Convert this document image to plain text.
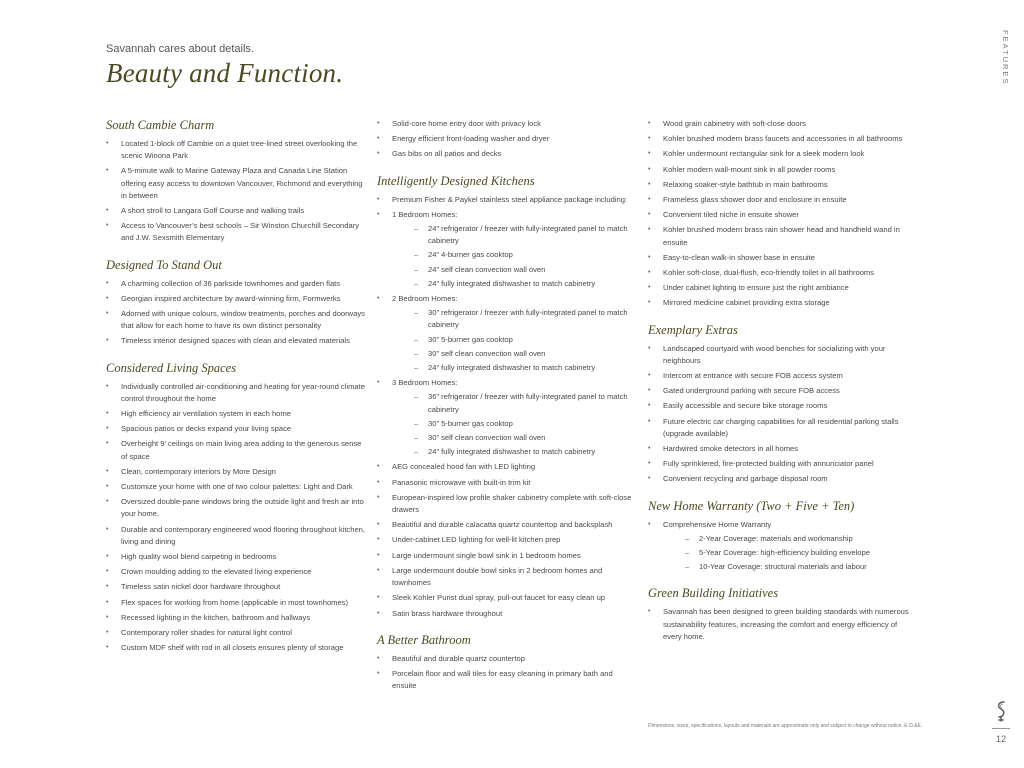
Savannah cares about details.
Beauty and Function.	FEATURES
South Cambie Charm
• Located 1-block off Cambie on a quiet tree-lined street overlooking the scenic Winona Park
• A 5-minute walk to Marine Gateway Plaza and Canada Line Station offering easy access to downtown Vancouver, Richmond and everything in between
• A short stroll to Langara Golf Course and walking trails
• Access to Vancouver’s best schools – Sir Winston Churchill Secondary and J.W. Sexsmith Elementary
Designed To Stand Out
• A charming collection of 36 parkside townhomes and garden flats
• Georgian inspired architecture by award-winning firm, Formwerks
• Adorned with unique colours, window treatments, porches and doorways that allow for each home to have its own distinct personality
• Timeless interior designed spaces with clean and elevated materials
Considered Living Spaces
• Individually controlled air-conditioning and heating for year-round climate control throughout the home
• High efficiency air ventilation system in each home
• Spacious patios or decks expand your living space
• Overheight 9’ ceilings on main living area adding to the generous sense of space
• Clean, contemporary interiors by More Design
• Customize your home with one of two colour palettes: Light and Dark
• Oversized double-pane windows bring the outside light and fresh air into your home.
• Durable and contemporary engineered wood flooring throughout kitchen, living and dining
• High quality wool blend carpeting in bedrooms
• Crown moulding adding to the elevated living experience
• Timeless satin nickel door hardware throughout
• Flex spaces for working from home (applicable in most townhomes)
• Recessed lighting in the kitchen, bathroom and hallways
• Contemporary roller shades for natural light control
• Custom MDF shelf with rod in all closets ensures plenty of storage
• Solid-core home entry door with privacy lock
• Energy efficient front-loading washer and dryer
• Gas bibs on all patios and decks
Intelligently Designed Kitchens
• Premium Fisher & Paykel stainless steel appliance package including:
• 1 Bedroom Homes:
– 24” refrigerator / freezer with fully-integrated panel to match cabinetry
– 24” 4-burner gas cooktop
– 24” self clean convection wall oven
– 24” fully integrated dishwasher to match cabinetry
• 2 Bedroom Homes:
– 30” refrigerator / freezer with fully-integrated panel to match cabinetry
– 30” 5-burner gas cooktop
– 30” self clean convection wall oven
– 24” fully integrated dishwasher to match cabinetry
• 3 Bedroom Homes:
– 36” refrigerator / freezer with fully-integrated panel to match cabinetry
– 30” 5-burner gas cooktop
– 30” self clean convection wall oven
– 24” fully integrated dishwasher to match cabinetry
• AEG concealed hood fan with LED lighting
• Panasonic microwave with built-in trim kit
• European-inspired low profile shaker cabinetry complete with soft-close drawers
• Beautiful and durable calacatta quartz countertop and backsplash
• Under-cabinet LED lighting for well-lit kitchen prep
• Large undermount single bowl sink in 1 bedroom homes
• Large undermount double bowl sinks in 2 bedroom homes and townhomes
• Sleek Kohler Purist dual spray, pull-out faucet for easy clean up
• Satin brass hardware throughout
A Better Bathroom
• Beautiful and durable quartz countertop
• Porcelain floor and wall tiles for easy cleaning in primary bath and ensuite
• Wood grain cabinetry with soft-close doors
• Kohler brushed modern brass faucets and accessories in all bathrooms
• Kohler undermount rectangular sink for a sleek modern look
• Kohler modern wall-mount sink in all powder rooms
• Relaxing soaker-style bathtub in main bathrooms
• Frameless glass shower door and enclosure in ensuite
• Convenient tiled niche in ensuite shower
• Kohler brushed modern brass rain shower head and handheld wand in ensuite
• Easy-to-clean walk-in shower base in ensuite
• Kohler soft-close, dual-flush, eco-friendly toilet in all bathrooms
• Under cabinet lighting to ensure just the right ambiance
• Mirrored medicine cabinet providing extra storage
Exemplary Extras
• Landscaped courtyard with wood benches for socializing with your neighbours
• Intercom at entrance with secure FOB access system
• Gated underground parking with secure FOB access
• Easily accessible and secure bike storage rooms
• Future electric car charging capabilities for all residential parking stalls (upgrade available)
• Hardwired smoke detectors in all homes
• Fully sprinklered, fire-protected building with annunciator panel
• Convenient recycling and garbage disposal room
New Home Warranty (Two + Five + Ten)
• Comprehensive Home Warranty
– 2-Year Coverage: materials and workmanship
– 5-Year Coverage: high-efficiency building envelope
– 10-Year Coverage: structural materials and labour
Green Building Initiatives
• Savannah has been designed to green building standards with numerous sustainability features, increasing the comfort and energy efficiency of every home.
Dimensions, sizes, specifications, layouts and materials are approximate only and subject to change without notice. E.O.&E.
12
